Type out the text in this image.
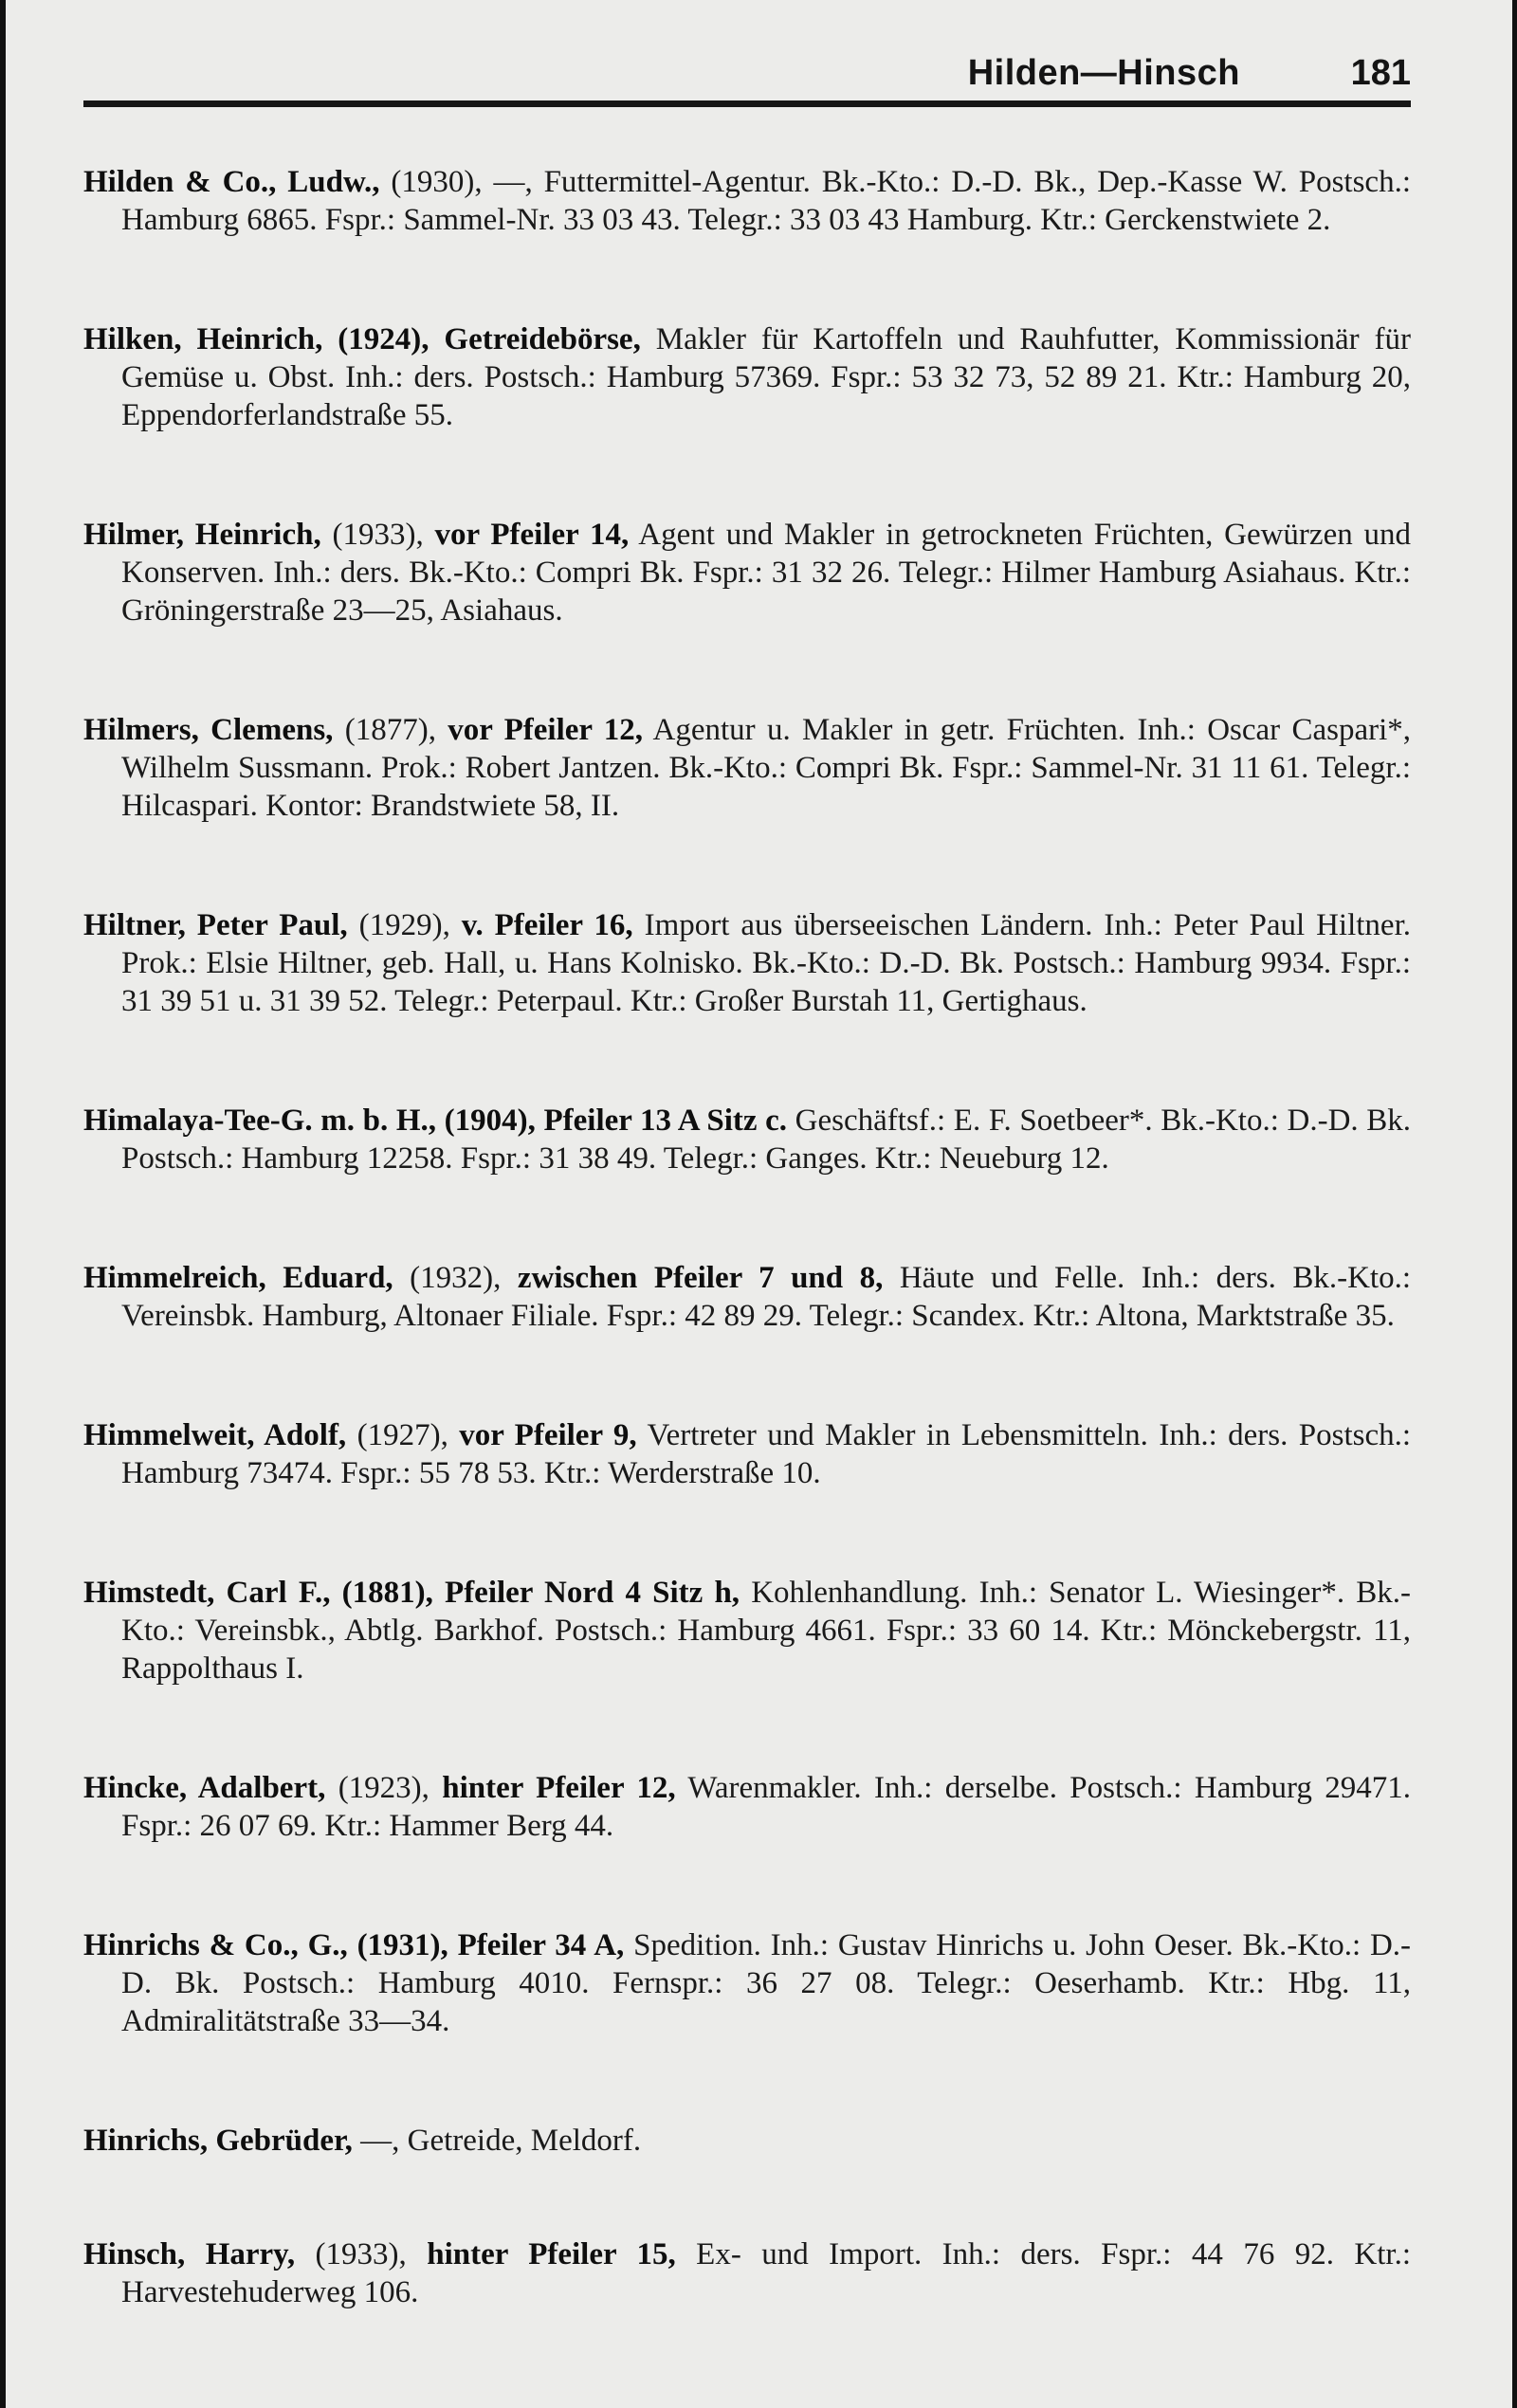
Hilden—Hinsch	181

Hilden & Co., Ludw., (1930), —, Futtermittel-Agentur. Bk.-Kto.: D.-D. Bk., Dep.-Kasse W. Postsch.: Hamburg 6865. Fspr.: Sammel-Nr. 33 03 43. Telegr.: 33 03 43 Hamburg. Ktr.: Gerckenstwiete 2.

Hilken, Heinrich, (1924), Getreidebörse, Makler für Kartoffeln und Rauhfutter, Kommissionär für Gemüse u. Obst. Inh.: ders. Postsch.: Hamburg 57369. Fspr.: 53 32 73, 52 89 21. Ktr.: Hamburg 20, Eppendorferlandstraße 55.

Hilmer, Heinrich, (1933), vor Pfeiler 14, Agent und Makler in getrockneten Früchten, Gewürzen und Konserven. Inh.: ders. Bk.-Kto.: Compri Bk. Fspr.: 31 32 26. Telegr.: Hilmer Hamburg Asiahaus. Ktr.: Gröningerstraße 23—25, Asiahaus.

Hilmers, Clemens, (1877), vor Pfeiler 12, Agentur u. Makler in getr. Früchten. Inh.: Oscar Caspari*, Wilhelm Sussmann. Prok.: Robert Jantzen. Bk.-Kto.: Compri Bk. Fspr.: Sammel-Nr. 31 11 61. Telegr.: Hilcaspari. Kontor: Brandstwiete 58, II.

Hiltner, Peter Paul, (1929), v. Pfeiler 16, Import aus überseeischen Ländern. Inh.: Peter Paul Hiltner. Prok.: Elsie Hiltner, geb. Hall, u. Hans Kolnisko. Bk.-Kto.: D.-D. Bk. Postsch.: Hamburg 9934. Fspr.: 31 39 51 u. 31 39 52. Telegr.: Peterpaul. Ktr.: Großer Burstah 11, Gertighaus.

Himalaya-Tee-G. m. b. H., (1904), Pfeiler 13 A Sitz c. Geschäftsf.: E. F. Soetbeer*. Bk.-Kto.: D.-D. Bk. Postsch.: Hamburg 12258. Fspr.: 31 38 49. Telegr.: Ganges. Ktr.: Neueburg 12.

Himmelreich, Eduard, (1932), zwischen Pfeiler 7 und 8, Häute und Felle. Inh.: ders. Bk.-Kto.: Vereinsbk. Hamburg, Altonaer Filiale. Fspr.: 42 89 29. Telegr.: Scandex. Ktr.: Altona, Marktstraße 35.

Himmelweit, Adolf, (1927), vor Pfeiler 9, Vertreter und Makler in Lebensmitteln. Inh.: ders. Postsch.: Hamburg 73474. Fspr.: 55 78 53. Ktr.: Werderstraße 10.

Himstedt, Carl F., (1881), Pfeiler Nord 4 Sitz h, Kohlenhandlung. Inh.: Senator L. Wiesinger*. Bk.-Kto.: Vereinsbk., Abtlg. Barkhof. Postsch.: Hamburg 4661. Fspr.: 33 60 14. Ktr.: Mönckebergstr. 11, Rappolthaus I.

Hincke, Adalbert, (1923), hinter Pfeiler 12, Warenmakler. Inh.: derselbe. Postsch.: Hamburg 29471. Fspr.: 26 07 69. Ktr.: Hammer Berg 44.

Hinrichs & Co., G., (1931), Pfeiler 34 A, Spedition. Inh.: Gustav Hinrichs u. John Oeser. Bk.-Kto.: D.-D. Bk. Postsch.: Hamburg 4010. Fernspr.: 36 27 08. Telegr.: Oeserhamb. Ktr.: Hbg. 11, Admiralitätstraße 33—34.

Hinrichs, Gebrüder, —, Getreide, Meldorf.

Hinsch, Harry, (1933), hinter Pfeiler 15, Ex- und Import. Inh.: ders. Fspr.: 44 76 92. Ktr.: Harvestehuderweg 106.
